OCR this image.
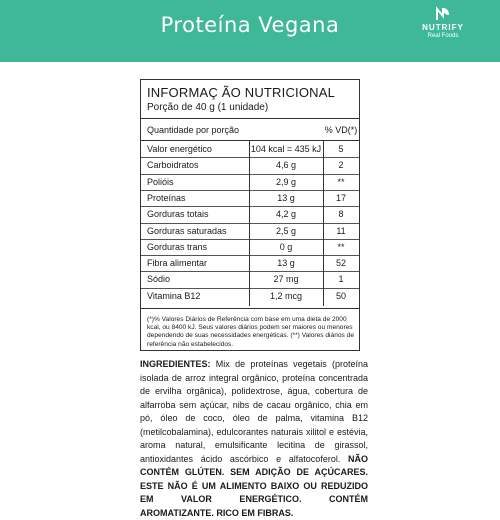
Proteína Vegana	NUTRIFY
Real Foods
INFORMAÇ ÃO NUTRICIONAL
Porção de 40 g (1 unidade)
Quantidade por porção	% VD(*)
Valor energético	104 kcal = 435 kJ	5
Carboidratos	4,6 g	2
Polióis	2,9 g	**
Proteínas	13 g	17
Gorduras totais	4,2 g	8
Gorduras saturadas	2,5 g	11
Gorduras trans	0 g	**
Fibra alimentar	13 g	52
Sódio	27 mg	1
Vitamina B12	1,2 mcg	50
(*)% Valores Diários de Referência com base em uma dieta de 2000 kcal, ou 8400 kJ. Seus valores diários podem ser maiores ou menores dependendo de suas necessidades energéticas. (**) Valores diários de referência não estabelecidos.
INGREDIENTES: Mix de proteínas vegetais (proteína isolada de arroz integral orgânico, proteína concentrada de ervilha orgânica), polidextrose, água, cobertura de alfarroba sem açúcar, nibs de cacau orgânico, chia em pó, óleo de coco, óleo de palma, vitamina B12 (metilcobalamina), edulcorantes naturais xilitol e estévia, aroma natural, emulsificante lecitina de girassol, antioxidantes ácido ascórbico e alfatocoferol. NÃO CONTÉM GLÚTEN. SEM ADIÇÃO DE AÇÚCARES. ESTE NÃO É UM ALIMENTO BAIXO OU REDUZIDO EM VALOR ENERGÉTICO. CONTÉM AROMATIZANTE. RICO EM FIBRAS.
